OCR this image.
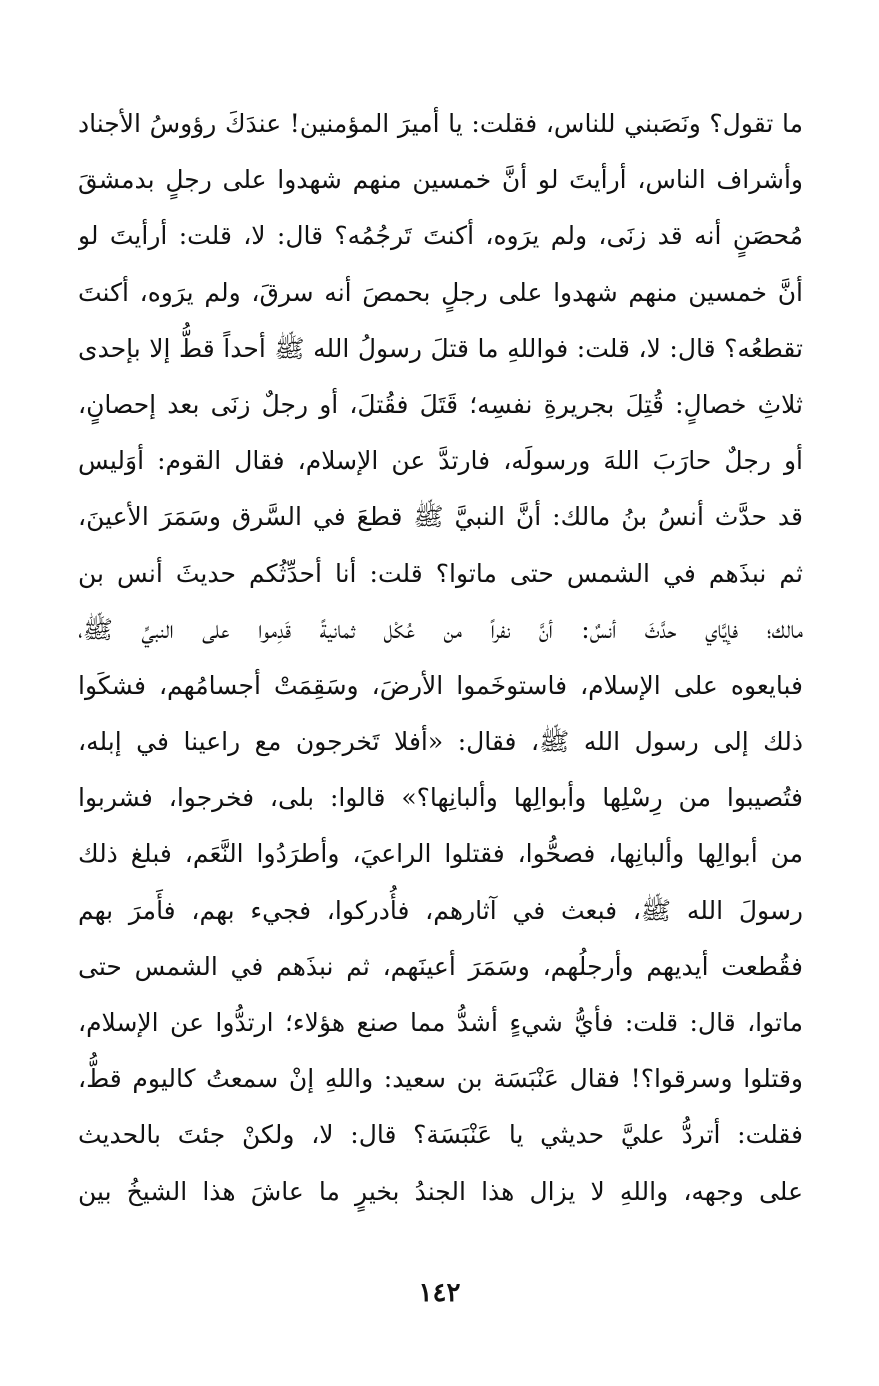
ما تقول؟ ونَصَبني للناس، فقلت: يا أميرَ المؤمنين! عندَكَ رؤوسُ الأجناد
وأشراف الناس، أرأيتَ لو أنَّ خمسين منهم شهدوا على رجلٍ بدمشقَ
مُحصَنٍ أنه قد زنَى، ولم يرَوه، أكنتَ تَرجُمُه؟ قال: لا، قلت: أرأيتَ لو
أنَّ خمسين منهم شهدوا على رجلٍ بحمصَ أنه سرقَ، ولم يرَوه، أكنتَ
تقطعُه؟ قال: لا، قلت: فواللهِ ما قتلَ رسولُ الله ﷺ أحداً قطُّ إلا بإحدى
ثلاثِ خصالٍ: قُتِلَ بجريرةِ نفسِه؛ قَتَلَ فقُتلَ، أو رجلٌ زنَى بعد إحصانٍ،
أو رجلٌ حارَبَ اللهَ ورسولَه، فارتدَّ عن الإسلام، فقال القوم: أوَليس
قد حدَّث أنسُ بنُ مالك: أنَّ النبيَّ ﷺ قطعَ في السَّرق وسَمَرَ الأعينَ،
ثم نبذَهم في الشمس حتى ماتوا؟ قلت: أنا أحدِّثُكم حديثَ أنس بن
مالك؛ فإيَّاي حدَّثَ أنسٌ: أنَّ نفراً من عُكْل ثمانيةً قَدِموا على النبيِّ ﷺ،
فبايعوه على الإسلام، فاستوخَموا الأرضَ، وسَقِمَتْ أجسامُهم، فشكَوا
ذلك إلى رسول الله ﷺ، فقال: «أفلا تَخرجون مع راعينا في إبله،
فتُصيبوا من رِسْلِها وأبوالِها وألبانِها؟» قالوا: بلى، فخرجوا، فشربوا
من أبوالِها وألبانِها، فصحُّوا، فقتلوا الراعيَ، وأطرَدُوا النَّعَم، فبلغ ذلك
رسولَ الله ﷺ، فبعث في آثارهم، فأُدركوا، فجيء بهم، فأَمرَ بهم
فقُطعت أيديهم وأرجلُهم، وسَمَرَ أعينَهم، ثم نبذَهم في الشمس حتى
ماتوا، قال: قلت: فأيُّ شيءٍ أشدُّ مما صنع هؤلاء؛ ارتدُّوا عن الإسلام،
وقتلوا وسرقوا؟! فقال عَنْبَسَة بن سعيد: واللهِ إنْ سمعتُ كاليوم قطُّ،
فقلت: أتردُّ عليَّ حديثي يا عَنْبَسَة؟ قال: لا، ولكنْ جئتَ بالحديث
على وجهه، واللهِ لا يزال هذا الجندُ بخيرٍ ما عاشَ هذا الشيخُ بين
١٤٢
